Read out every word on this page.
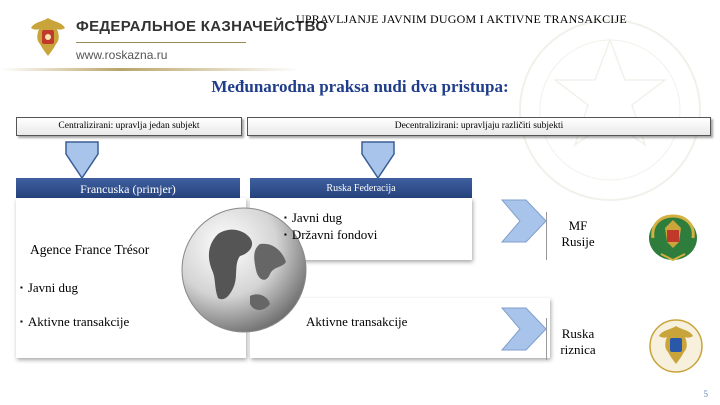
ФЕДЕРАЛЬНОЕ КАЗНАЧЕЙСТВО
www.roskazna.ru
UPRAVLJANJE JAVNIM DUGOM I AKTIVNE TRANSAKCIJE
Međunarodna praksa nudi dva pristupa:
Centralizirani: upravlja jedan subjekt	Decentralizirani: upravljaju različiti subjekti
Francuska (primjer)	Ruska Federacija
Agence France Trésor
▪ Javni dug
▪ Aktivne transakcije
▪ Javni dug
▪ Državni fondovi
Aktivne transakcije
MF Rusije
Ruska riznica
5
